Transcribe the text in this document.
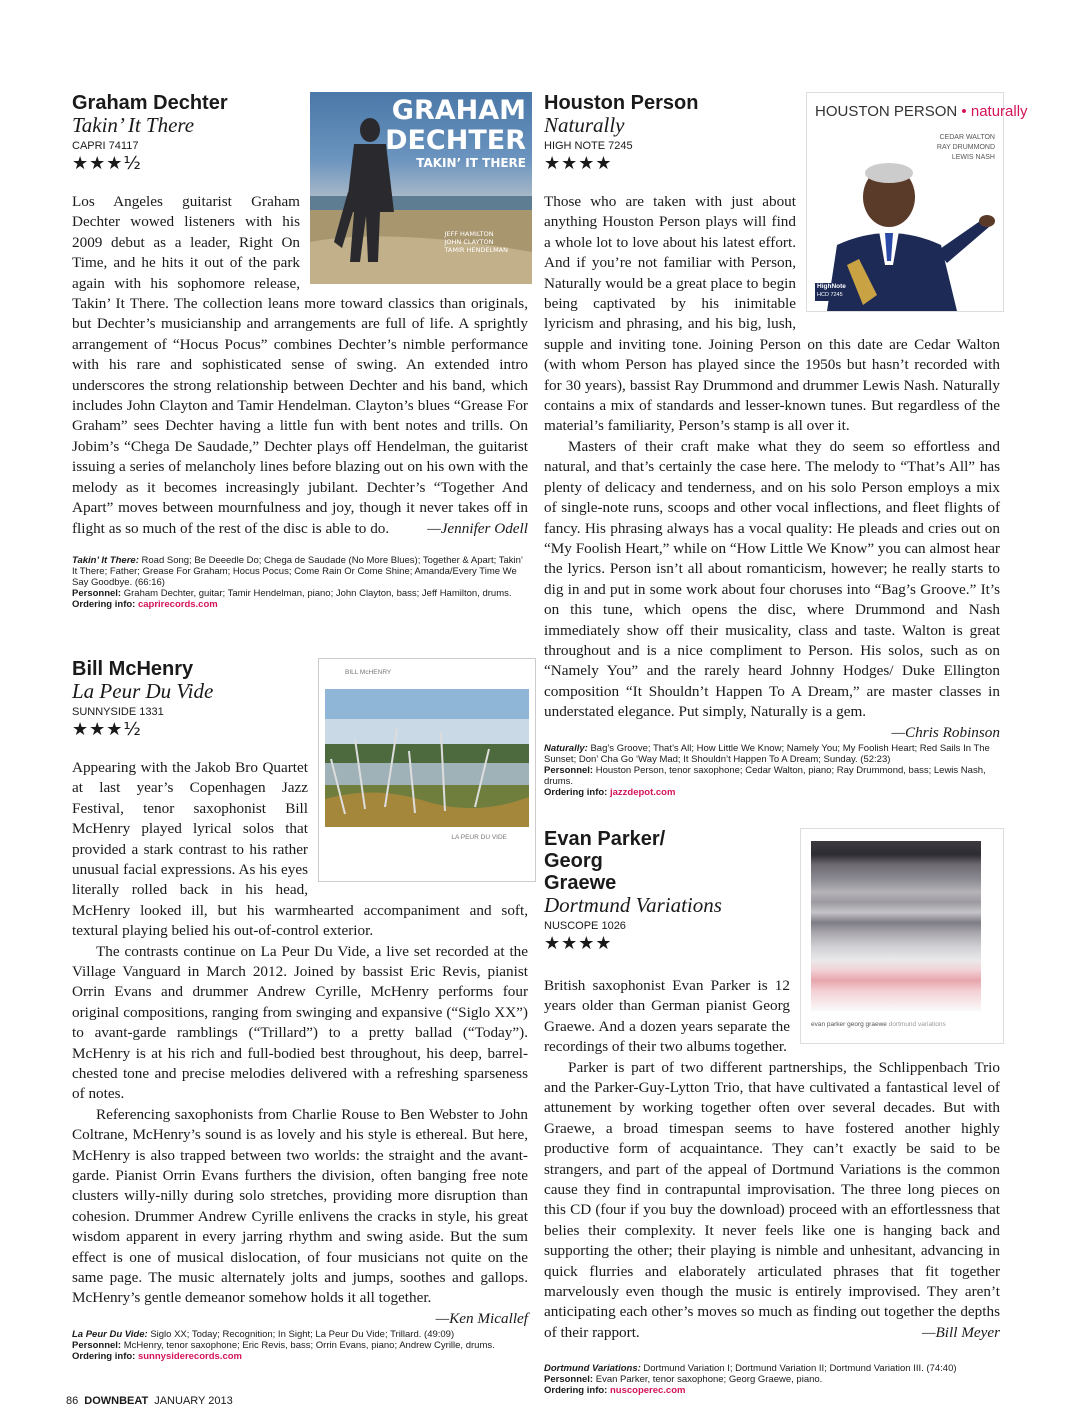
GRAHAM
DECHTER
TAKIN’ IT THERE
JEFF HAMILTON
JOHN CLAYTON
TAMIR HENDELMAN
Graham Dechter
Takin’ It There
CAPRI 74117
★★★½

Los Angeles guitarist Graham Dechter wowed listeners with his 2009 debut as a leader, Right On Time, and he hits it out of the park again with his sophomore release, Takin’ It There. The collection leans more toward classics than originals, but Dechter’s musicianship and arrangements are full of life. A sprightly arrangement of “Hocus Pocus” combines Dechter’s nimble performance with his rare and sophisticated sense of swing. An extended intro underscores the strong relationship between Dechter and his band, which includes John Clayton and Tamir Hendelman. Clayton’s blues “Grease For Graham” sees Dechter having a little fun with bent notes and trills. On Jobim’s “Chega De Saudade,” Dechter plays off Hendelman, the guitarist issuing a series of melancholy lines before blazing out on his own with the melody as it becomes increasingly jubilant. Dechter’s “Together And Apart” moves between mournfulness and joy, though it never takes off in flight as so much of the rest of the disc is able to do.	—Jennifer Odell

Takin’ It There: Road Song; Be Deeedle Do; Chega de Saudade (No More Blues); Together & Apart; Takin’ It There; Father; Grease For Graham; Hocus Pocus; Come Rain Or Come Shine; Amanda/Every Time We Say Goodbye. (66:16)
Personnel: Graham Dechter, guitar; Tamir Hendelman, piano; John Clayton, bass; Jeff Hamilton, drums.
Ordering info: caprirecords.com
BILL McHENRY
LA PEUR DU VIDE
Bill McHenry
La Peur Du Vide
SUNNYSIDE 1331
★★★½

Appearing with the Jakob Bro Quartet at last year’s Copenhagen Jazz Festival, tenor saxophonist Bill McHenry played lyrical solos that provided a stark contrast to his rather unusual facial expressions. As his eyes literally rolled back in his head, McHenry looked ill, but his warmhearted accompaniment and soft, textural playing belied his out-of-control exterior.

The contrasts continue on La Peur Du Vide, a live set recorded at the Village Vanguard in March 2012. Joined by bassist Eric Revis, pianist Orrin Evans and drummer Andrew Cyrille, McHenry performs four original compositions, ranging from swinging and expansive (“Siglo XX”) to avant-garde ramblings (“Trillard”) to a pretty ballad (“Today”). McHenry is at his rich and full-bodied best throughout, his deep, barrel-chested tone and precise melodies delivered with a refreshing sparseness of notes.

Referencing saxophonists from Charlie Rouse to Ben Webster to John Coltrane, McHenry’s sound is as lovely and his style is ethereal. But here, McHenry is also trapped between two worlds: the straight and the avant-garde. Pianist Orrin Evans furthers the division, often banging free note clusters willy-nilly during solo stretches, providing more disruption than cohesion. Drummer Andrew Cyrille enlivens the cracks in style, his great wisdom apparent in every jarring rhythm and swing aside. But the sum effect is one of musical dislocation, of four musicians not quite on the same page. The music alternately jolts and jumps, soothes and gallops. McHenry’s gentle demeanor somehow holds it all together.
—Ken Micallef

La Peur Du Vide: Siglo XX; Today; Recognition; In Sight; La Peur Du Vide; Trillard. (49:09)
Personnel: McHenry, tenor saxophone; Eric Revis, bass; Orrin Evans, piano; Andrew Cyrille, drums.
Ordering info: sunnysiderecords.com
HOUSTON PERSON • naturally
CEDAR WALTON
RAY DRUMMOND
LEWIS NASH
HighNote
HCD 7245
Houston Person
Naturally
HIGH NOTE 7245
★★★★

Those who are taken with just about anything Houston Person plays will find a whole lot to love about his latest effort. And if you’re not familiar with Person, Naturally would be a great place to begin being captivated by his inimitable lyricism and phrasing, and his big, lush, supple and inviting tone. Joining Person on this date are Cedar Walton (with whom Person has played since the 1950s but hasn’t recorded with for 30 years), bassist Ray Drummond and drummer Lewis Nash. Naturally contains a mix of standards and lesser-known tunes. But regardless of the material’s familiarity, Person’s stamp is all over it.

Masters of their craft make what they do seem so effortless and natural, and that’s certainly the case here. The melody to “That’s All” has plenty of delicacy and tenderness, and on his solo Person employs a mix of single-note runs, scoops and other vocal inflections, and fleet flights of fancy. His phrasing always has a vocal quality: He pleads and cries out on “My Foolish Heart,” while on “How Little We Know” you can almost hear the lyrics. Person isn’t all about romanticism, however; he really starts to dig in and put in some work about four choruses into “Bag’s Groove.” It’s on this tune, which opens the disc, where Drummond and Nash immediately show off their musicality, class and taste. Walton is great throughout and is a nice compliment to Person. His solos, such as on “Namely You” and the rarely heard Johnny Hodges/ Duke Ellington composition “It Shouldn’t Happen To A Dream,” are master classes in understated elegance. Put simply, Naturally is a gem.
—Chris Robinson

Naturally: Bag’s Groove; That’s All; How Little We Know; Namely You; My Foolish Heart; Red Sails In The Sunset; Don’ Cha Go ‘Way Mad; It Shouldn’t Happen To A Dream; Sunday. (52:23)
Personnel: Houston Person, tenor saxophone; Cedar Walton, piano; Ray Drummond, bass; Lewis Nash, drums.
Ordering info: jazzdepot.com
evan parker georg graewe dortmund variations
Evan Parker/ Georg Graewe
Dortmund Variations
NUSCOPE 1026
★★★★

British saxophonist Evan Parker is 12 years older than German pianist Georg Graewe. And a dozen years separate the recordings of their two albums together.

Parker is part of two different partnerships, the Schlippenbach Trio and the Parker-Guy-Lytton Trio, that have cultivated a fantastical level of attunement by working together often over several decades. But with Graewe, a broad timespan seems to have fostered another highly productive form of acquaintance. They can’t exactly be said to be strangers, and part of the appeal of Dortmund Variations is the common cause they find in contrapuntal improvisation. The three long pieces on this CD (four if you buy the download) proceed with an effortlessness that belies their complexity. It never feels like one is hanging back and supporting the other; their playing is nimble and unhesitant, advancing in quick flurries and elaborately articulated phrases that fit together marvelously even though the music is entirely improvised. They aren’t anticipating each other’s moves so much as finding out together the depths of their rapport.	—Bill Meyer

Dortmund Variations: Dortmund Variation I; Dortmund Variation II; Dortmund Variation III. (74:40)
Personnel: Evan Parker, tenor saxophone; Georg Graewe, piano.
Ordering info: nuscoperec.com
86 DOWNBEAT JANUARY 2013
